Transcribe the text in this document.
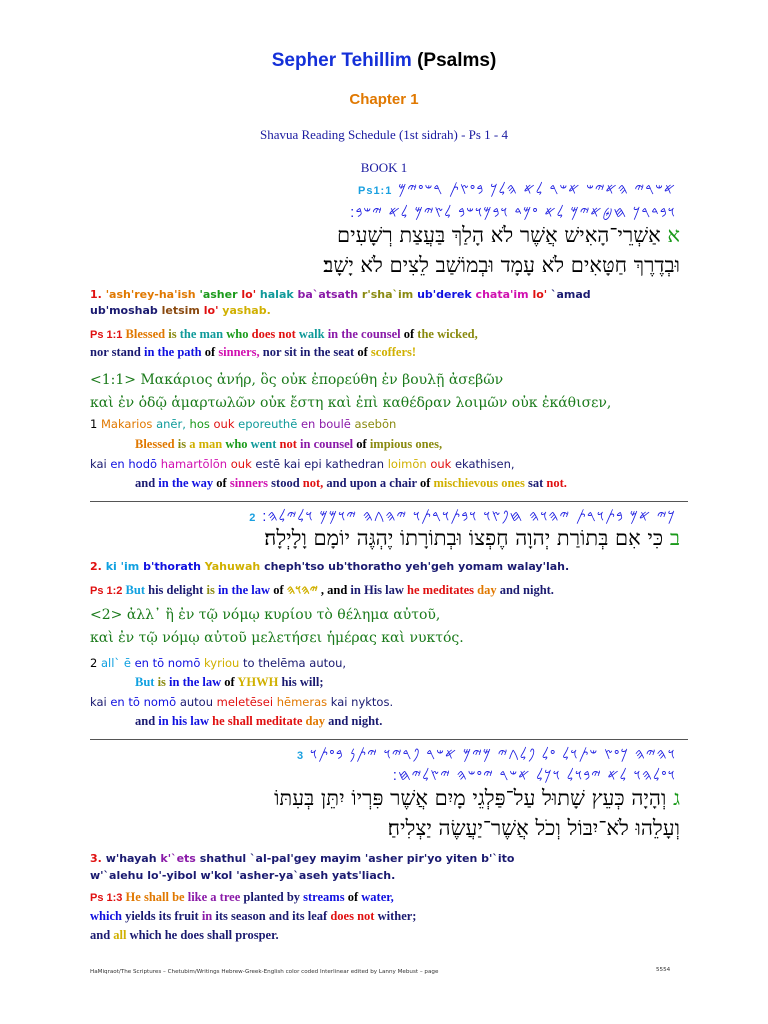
Sepher Tehillim (Psalms)
Chapter 1
Shavua Reading Schedule (1st sidrah) - Ps 1 - 4
BOOK 1
𐤀𐤔𐤓𐤉 𐤄𐤀𐤉𐤔 𐤀𐤔𐤓 𐤋𐤀 𐤄𐤋𐤊 𐤁𐤏𐤑𐤕 𐤓𐤔𐤏𐤉𐤌 Ps1:1
𐤅𐤁𐤃𐤓𐤊 𐤇𐤈𐤀𐤉𐤌 𐤋𐤀 𐤏𐤌𐤃 𐤅𐤁𐤌𐤅𐤔𐤁 𐤋𐤑𐤉𐤌 𐤋𐤀 𐤉𐤔𐤁׃
א אַשְׁרֵי־הָאִישׁ אֲשֶׁר לֹא הָלַךְ בַּעֲצַת רְשָׁעִים
וּבְדֶרֶךְ חַטָּאִים לֹא עָמָד וּבְמוֹשַׁב לֵצִים לֹא יָשָׁב׃
1. 'ash'rey-ha'ish 'asher lo' halak ba`atsath r'sha`im ub'derek chata'im lo' `amad
ub'moshab letsim lo' yashab.
Ps 1:1 Blessed is the man who does not walk in the counsel of the wicked,
nor stand in the path of sinners, nor sit in the seat of scoffers!
<1:1> Μακάριος ἀνήρ, ὃς οὐκ ἐπορεύθη ἐν βουλῇ ἀσεβῶν
καὶ ἐν ὁδῷ ἁμαρτωλῶν οὐκ ἔστη καὶ ἐπὶ καθέδραν λοιμῶν οὐκ ἐκάθισεν,
1 Makarios anēr, hos ouk eporeuthē en boulē asebōn
Blessed is a man who went not in counsel of impious ones,
kai en hodō hamartōlōn ouk estē kai epi kathedran loimōn ouk ekathisen,
and in the way of sinners stood not, and upon a chair of mischievous ones sat not.
𐤊𐤉 𐤀𐤌 𐤁𐤕𐤅𐤓𐤕 𐤉𐤄𐤅𐤄 𐤇𐤐𐤑𐤅 𐤅𐤁𐤕𐤅𐤓𐤕𐤅 𐤉𐤄𐤂𐤄 𐤉𐤅𐤌𐤌 𐤅𐤋𐤉𐤋𐤄׃ 2
ב כִּי אִם בְּתוֹרַת יְהוָה חֶפְצוֹ וּבְתוֹרָתוֹ יֶהְגֶּה יוֹמָם וָלָיְלָה׃
2. ki 'im b'thorath Yahuwah cheph'tso ub'thoratho yeh'geh yomam walay'lah.
Ps 1:2 But his delight is in the law of 𐤉𐤄𐤅𐤄 , and in His law he meditates day and night.
<2> ἀλλ᾽ ἢ ἐν τῷ νόμῳ κυρίου τὸ θέλημα αὐτοῦ,
καὶ ἐν τῷ νόμῳ αὐτοῦ μελετήσει ἡμέρας καὶ νυκτός.
2 all` ē en tō nomō kyriou to thelēma autou,
But is in the law of YHWH his will;
kai en tō nomō autou meletēsei hēmeras kai nyktos.
and in his law he shall meditate day and night.
𐤅𐤄𐤉𐤄 𐤊𐤏𐤑 𐤔𐤕𐤅𐤋 𐤏𐤋 𐤐𐤋𐤂𐤉 𐤌𐤉𐤌 𐤀𐤔𐤓 𐤐𐤓𐤉𐤅 𐤉𐤕𐤍 𐤁𐤏𐤕𐤅 3
𐤅𐤏𐤋𐤄𐤅 𐤋𐤀 𐤉𐤁𐤅𐤋 𐤅𐤊𐤋 𐤀𐤔𐤓 𐤉𐤏𐤔𐤄 𐤉𐤑𐤋𐤉𐤇׃
ג וְהָיָה כְּעֵץ שָׁתוּל עַל־פַּלְגֵי מָיִם אֲשֶׁר פִּרְיוֹ יִתֵּן בְּעִתּוֹ
וְעָלֵהוּ לֹא־יִבּוֹל וְכֹל אֲשֶׁר־יַעֲשֶׂה יַצְלִיחַ׃
3. w'hayah k'`ets shathul `al-pal'gey mayim 'asher pir'yo yiten b'`ito
w'`alehu lo'-yibol w'kol 'asher-ya`aseh yats'liach.
Ps 1:3 He shall be like a tree planted by streams of water,
which yields its fruit in its season and its leaf does not wither;
and all which he does shall prosper.
HaMiqraot/The Scriptures – Chetubim/Writings Hebrew-Greek-English color coded Interlinear edited by Lanny Mebust – page	5554
